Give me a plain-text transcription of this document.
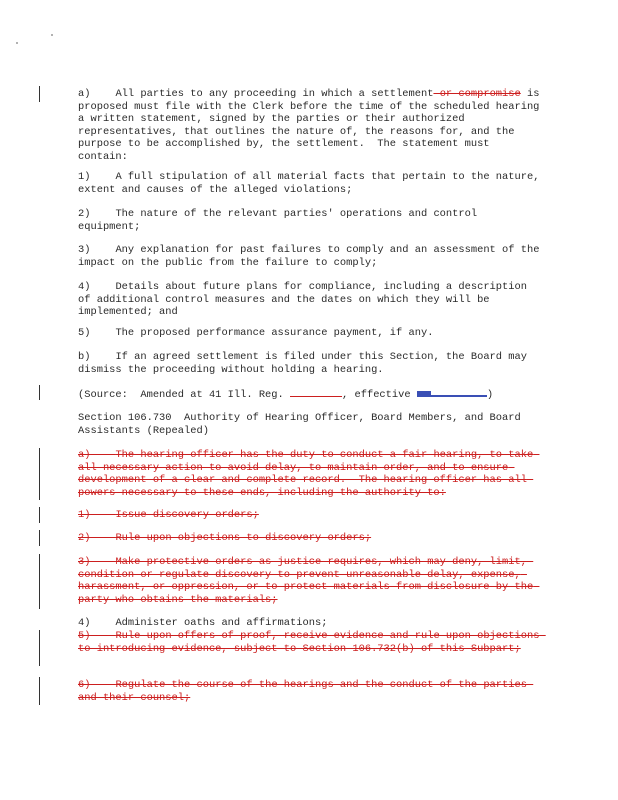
a) All parties to any proceeding in which a settlement or compromise is proposed must file with the Clerk before the time of the scheduled hearing a written statement, signed by the parties or their authorized representatives, that outlines the nature of, the reasons for, and the purpose to be accomplished by, the settlement.  The statement must contain:

1) A full stipulation of all material facts that pertain to the nature, extent and causes of the alleged violations;

2) The nature of the relevant parties' operations and control equipment;

3) Any explanation for past failures to comply and an assessment of the impact on the public from the failure to comply;

4) Details about future plans for compliance, including a description of additional control measures and the dates on which they will be implemented; and

5) The proposed performance assurance payment, if any.

b) If an agreed settlement is filed under this Section, the Board may dismiss the proceeding without holding a hearing.

(Source:  Amended at 41 Ill. Reg.	, effective	)

Section 106.730  Authority of Hearing Officer, Board Members, and Board Assistants (Repealed)

a) The hearing officer has the duty to conduct a fair hearing, to take all necessary action to avoid delay, to maintain order, and to ensure development of a clear and complete record.  The hearing officer has all powers necessary to these ends, including the authority to:

1) Issue discovery orders;

2) Rule upon objections to discovery orders;

3) Make protective orders as justice requires, which may deny, limit, condition or regulate discovery to prevent unreasonable delay, expense, harassment, or oppression, or to protect materials from disclosure by the party who obtains the materials;

4) Administer oaths and affirmations;

5) Rule upon offers of proof, receive evidence and rule upon objections to introducing evidence, subject to Section 106.732(b) of this Subpart;

6) Regulate the course of the hearings and the conduct of the parties and their counsel;
